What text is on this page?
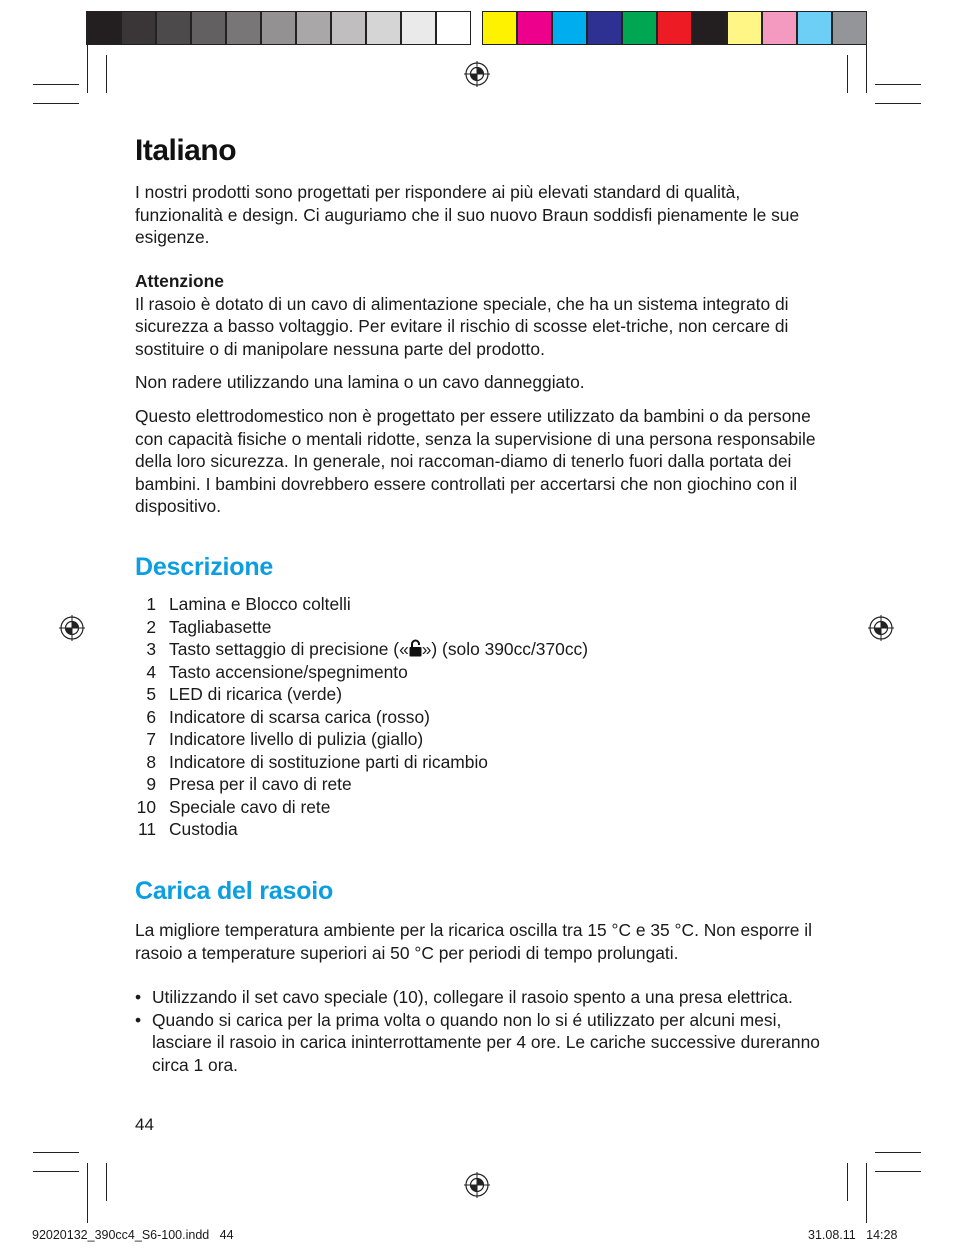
Italiano

I nostri prodotti sono progettati per rispondere ai più elevati standard di qualità, funzionalità e design. Ci auguriamo che il suo nuovo Braun soddisfi pienamente le sue esigenze.

Attenzione

Il rasoio è dotato di un cavo di alimentazione speciale, che ha un sistema integrato di sicurezza a basso voltaggio. Per evitare il rischio di scosse elet-triche, non cercare di sostituire o di manipolare nessuna parte del prodotto.

Non radere utilizzando una lamina o un cavo danneggiato.

Questo elettrodomestico non è progettato per essere utilizzato da bambini o da persone con capacità fisiche o mentali ridotte, senza la supervisione di una persona responsabile della loro sicurezza. In generale, noi raccoman-diamo di tenerlo fuori dalla portata dei bambini. I bambini dovrebbero essere controllati per accertarsi che non giochino con il dispositivo.

Descrizione
1 Lamina e Blocco coltelli
2 Tagliabasette
3 Tasto settaggio di precisione (« ») (solo 390cc/370cc)
4 Tasto accensione/spegnimento
5 LED di ricarica (verde)
6 Indicatore di scarsa carica (rosso)
7 Indicatore livello di pulizia (giallo)
8 Indicatore di sostituzione parti di ricambio
9 Presa per il cavo di rete
10 Speciale cavo di rete
11 Custodia
Carica del rasoio

La migliore temperatura ambiente per la ricarica oscilla tra 15 °C e 35 °C. Non esporre il rasoio a temperature superiori ai 50 °C per periodi di tempo prolungati.

• Utilizzando il set cavo speciale (10), collegare il rasoio spento a una presa elettrica.
• Quando si carica per la prima volta o quando non lo si é utilizzato per alcuni mesi, lasciare il rasoio in carica ininterrottamente per 4 ore. Le cariche successive dureranno circa 1 ora.
44
92020132_390cc4_S6-100.indd   44	31.08.11   14:28
